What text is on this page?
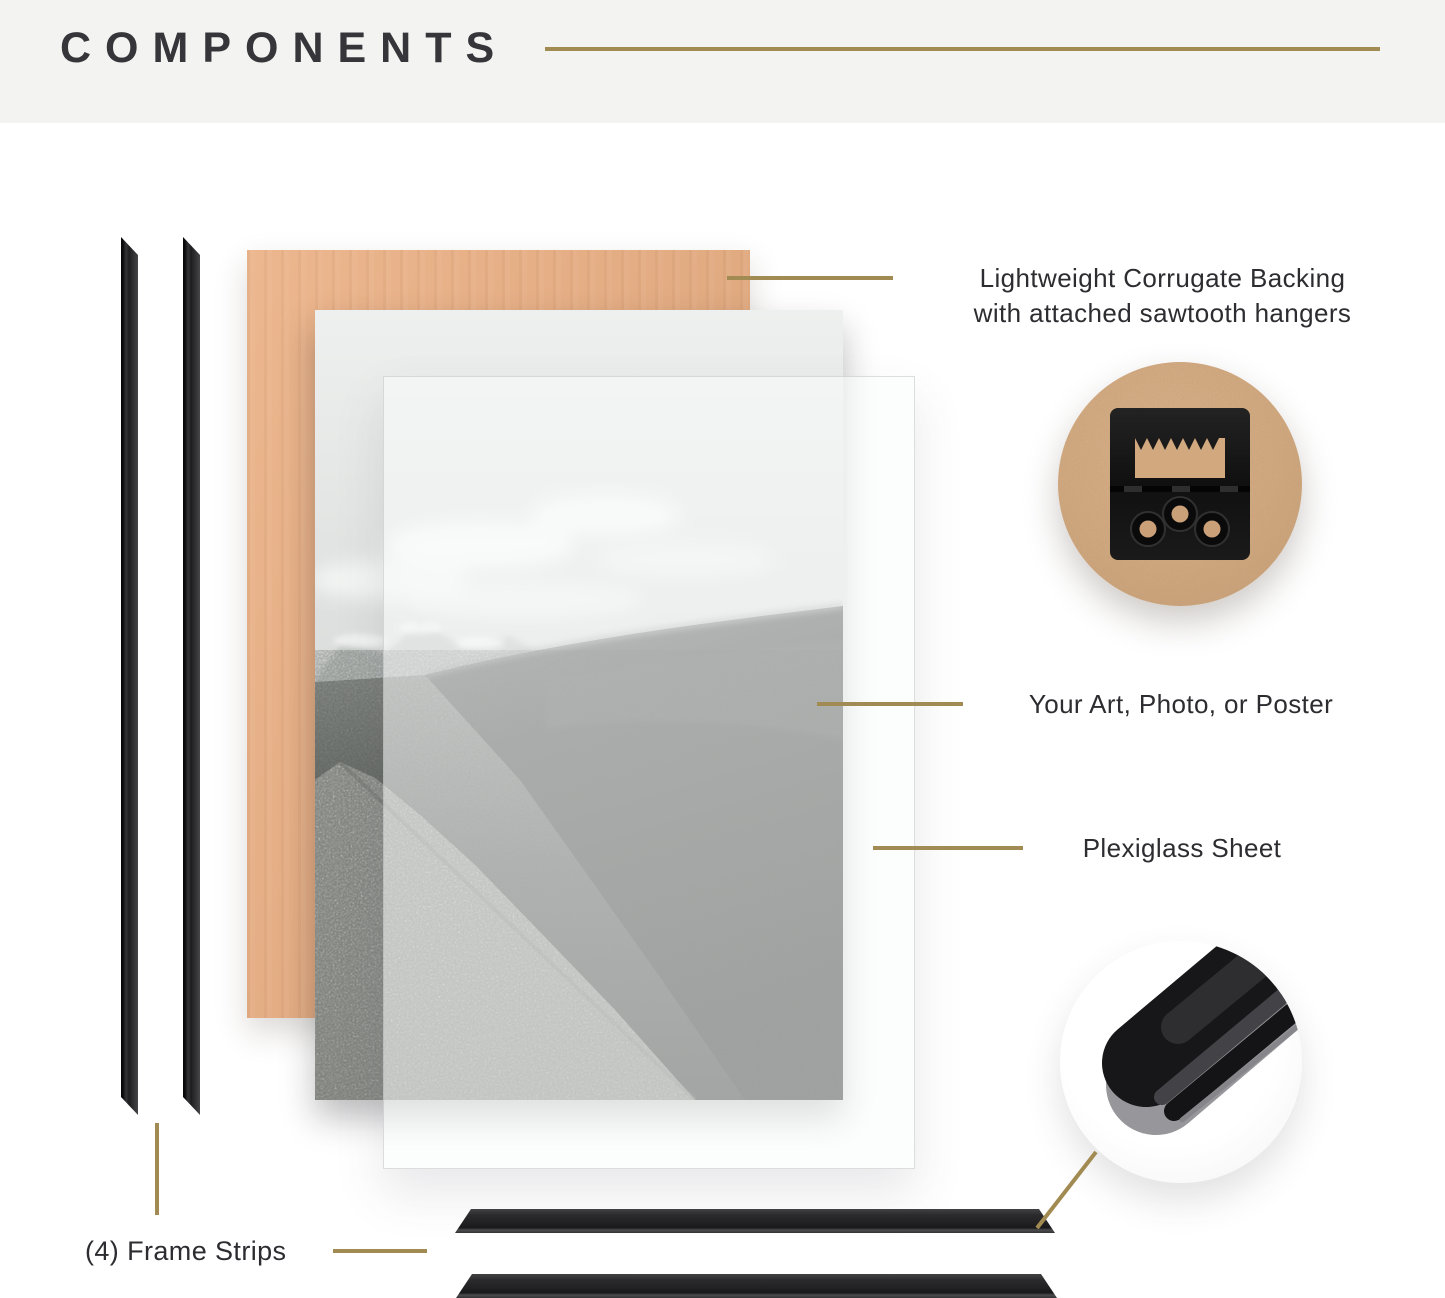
COMPONENTS
Lightweight Corrugate Backing
with attached sawtooth hangers
Your Art, Photo, or Poster
Plexiglass Sheet
(4) Frame Strips
